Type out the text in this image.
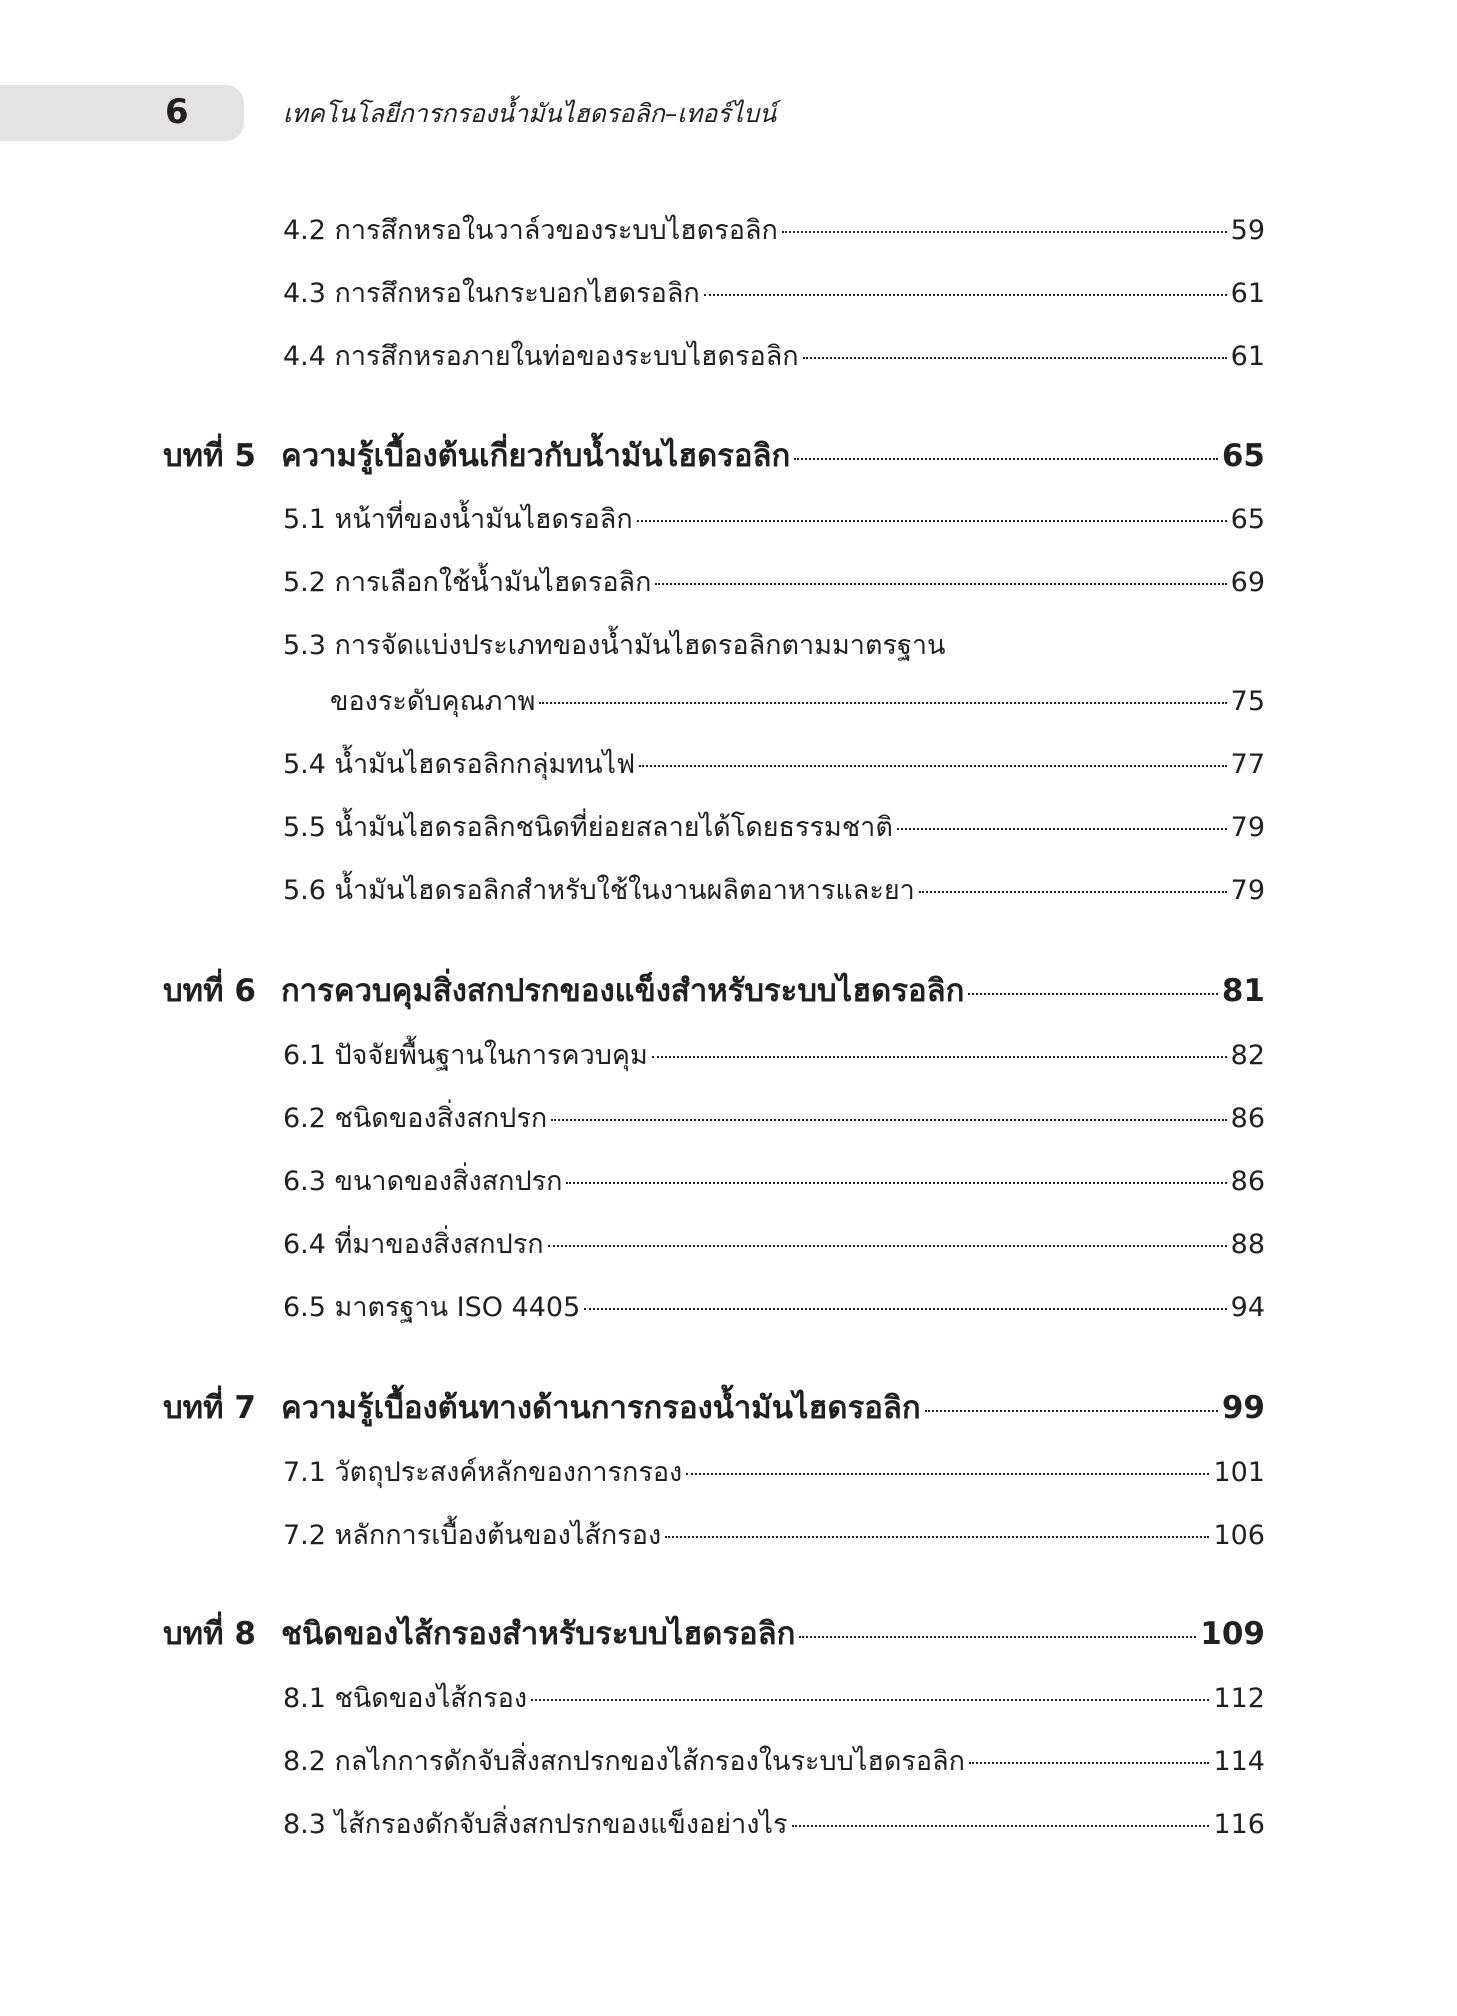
6	เทคโนโลยีการกรองน้ำมันไฮดรอลิก–เทอร์ไบน์
4.2 การสึกหรอในวาล์วของระบบไฮดรอลิก	59
4.3 การสึกหรอในกระบอกไฮดรอลิก	61
4.4 การสึกหรอภายในท่อของระบบไฮดรอลิก	61
บทที่ 5 ความรู้เบื้องต้นเกี่ยวกับน้ำมันไฮดรอลิก	65
5.1 หน้าที่ของน้ำมันไฮดรอลิก	65
5.2 การเลือกใช้น้ำมันไฮดรอลิก	69
5.3 การจัดแบ่งประเภทของน้ำมันไฮดรอลิกตามมาตรฐาน
ของระดับคุณภาพ	75
5.4 น้ำมันไฮดรอลิกกลุ่มทนไฟ	77
5.5 น้ำมันไฮดรอลิกชนิดที่ย่อยสลายได้โดยธรรมชาติ	79
5.6 น้ำมันไฮดรอลิกสำหรับใช้ในงานผลิตอาหารและยา	79
บทที่ 6 การควบคุมสิ่งสกปรกของแข็งสำหรับระบบไฮดรอลิก	81
6.1 ปัจจัยพื้นฐานในการควบคุม	82
6.2 ชนิดของสิ่งสกปรก	86
6.3 ขนาดของสิ่งสกปรก	86
6.4 ที่มาของสิ่งสกปรก	88
6.5 มาตรฐาน ISO 4405	94
บทที่ 7 ความรู้เบื้องต้นทางด้านการกรองน้ำมันไฮดรอลิก	99
7.1 วัตถุประสงค์หลักของการกรอง	101
7.2 หลักการเบื้องต้นของไส้กรอง	106
บทที่ 8 ชนิดของไส้กรองสำหรับระบบไฮดรอลิก	109
8.1 ชนิดของไส้กรอง	112
8.2 กลไกการดักจับสิ่งสกปรกของไส้กรองในระบบไฮดรอลิก	114
8.3 ไส้กรองดักจับสิ่งสกปรกของแข็งอย่างไร	116
